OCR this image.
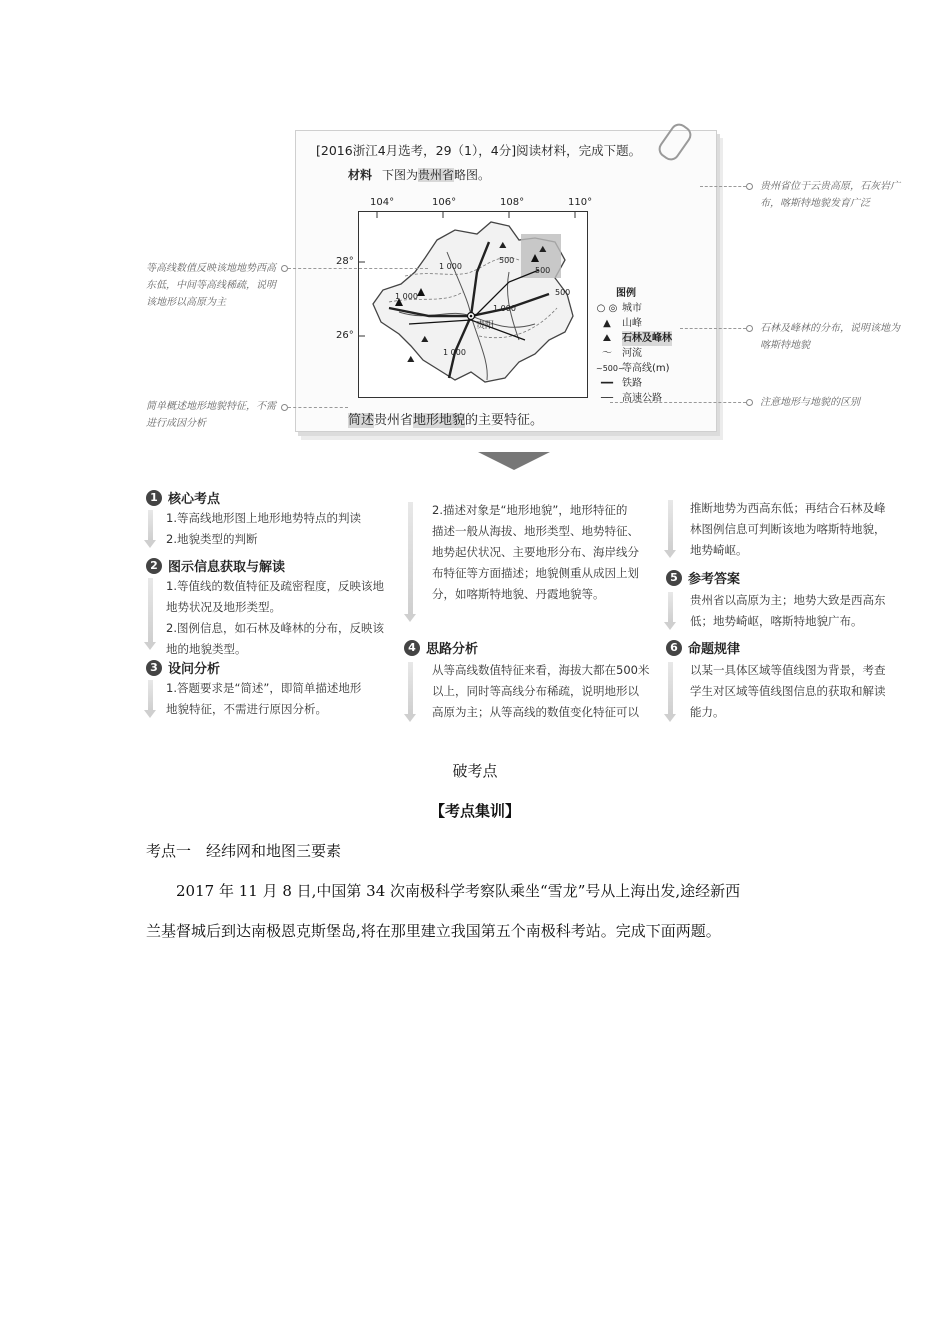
[2016浙江4月选考，29（1），4分]阅读材料，完成下题。
材料 下图为贵州省略图。
104°	106°	108°	110°
28°
26°	⛰
⛰
⛰	⛰
贵阳
1 000	500
1 000
500
1 000
500
1 000
图例
○ ◎ 城市
▲	山峰
⛰	石林及峰林
〜	河流
~500~
等高线(m)
━━ 铁路
── 高速公路
简述贵州省地形地貌的主要特征。
等高线数值反映该地地势西高东低，中间等高线稀疏，说明该地形以高原为主
简单概述地形地貌特征，不需进行成因分析
贵州省位于云贵高原，石灰岩广布，喀斯特地貌发育广泛
石林及峰林的分布，说明该地为喀斯特地貌
注意地形与地貌的区别
1 核心考点
1.等高线地形图上地形地势特点的判读
2.地貌类型的判断
2 图示信息获取与解读
1.等值线的数值特征及疏密程度，反映该地
地势状况及地形类型。
2.图例信息，如石林及峰林的分布，反映该
地的地貌类型。
3 设问分析
1.答题要求是“简述”，即简单描述地形
地貌特征，不需进行原因分析。
2.描述对象是“地形地貌”，地形特征的
描述一般从海拔、地形类型、地势特征、
地势起伏状况、主要地形分布、海岸线分
布特征等方面描述；地貌侧重从成因上划
分，如喀斯特地貌、丹霞地貌等。
4 思路分析
从等高线数值特征来看，海拔大都在500米
以上，同时等高线分布稀疏，说明地形以
高原为主；从等高线的数值变化特征可以
推断地势为西高东低；再结合石林及峰
林图例信息可判断该地为喀斯特地貌，
地势崎岖。
5 参考答案
贵州省以高原为主；地势大致是西高东
低；地势崎岖，喀斯特地貌广布。
6 命题规律
以某一具体区域等值线图为背景，考查
学生对区域等值线图信息的获取和解读
能力。
破考点
【考点集训】
考点一　经纬网和地图三要素
2017 年 11 月 8 日,中国第 34 次南极科学考察队乘坐“雪龙”号从上海出发,途经新西
兰基督城后到达南极恩克斯堡岛,将在那里建立我国第五个南极科考站。完成下面两题。
